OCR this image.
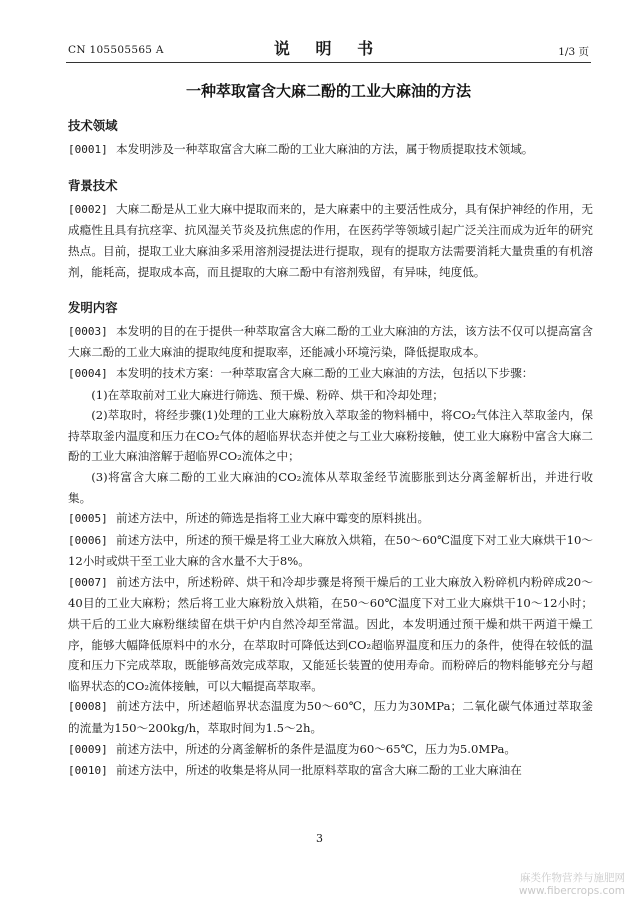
CN 105505565 A	说 明 书	1/3 页
一种萃取富含大麻二酚的工业大麻油的方法
技术领域
[0001] 本发明涉及一种萃取富含大麻二酚的工业大麻油的方法，属于物质提取技术领域。
背景技术
[0002] 大麻二酚是从工业大麻中提取而来的，是大麻素中的主要活性成分，具有保护神经的作用，无成瘾性且具有抗痉挛、抗风湿关节炎及抗焦虑的作用，在医药学等领域引起广泛关注而成为近年的研究热点。目前，提取工业大麻油多采用溶剂浸提法进行提取，现有的提取方法需要消耗大量贵重的有机溶剂，能耗高，提取成本高，而且提取的大麻二酚中有溶剂残留，有异味，纯度低。
发明内容
[0003] 本发明的目的在于提供一种萃取富含大麻二酚的工业大麻油的方法，该方法不仅可以提高富含大麻二酚的工业大麻油的提取纯度和提取率，还能减小环境污染，降低提取成本。
[0004] 本发明的技术方案：一种萃取富含大麻二酚的工业大麻油的方法，包括以下步骤：
(1)在萃取前对工业大麻进行筛选、预干燥、粉碎、烘干和冷却处理；
(2)萃取时，将经步骤(1)处理的工业大麻粉放入萃取釜的物料桶中，将CO₂气体注入萃取釜内，保持萃取釜内温度和压力在CO₂气体的超临界状态并使之与工业大麻粉接触，使工业大麻粉中富含大麻二酚的工业大麻油溶解于超临界CO₂流体之中；
(3)将富含大麻二酚的工业大麻油的CO₂流体从萃取釜经节流膨胀到达分离釜解析出，并进行收集。
[0005] 前述方法中，所述的筛选是指将工业大麻中霉变的原料挑出。
[0006] 前述方法中，所述的预干燥是将工业大麻放入烘箱，在50～60℃温度下对工业大麻烘干10～12小时或烘干至工业大麻的含水量不大于8%。
[0007] 前述方法中，所述粉碎、烘干和冷却步骤是将预干燥后的工业大麻放入粉碎机内粉碎成20～40目的工业大麻粉；然后将工业大麻粉放入烘箱，在50～60℃温度下对工业大麻烘干10～12小时；烘干后的工业大麻粉继续留在烘干炉内自然冷却至常温。因此，本发明通过预干燥和烘干两道干燥工序，能够大幅降低原料中的水分，在萃取时可降低达到CO₂超临界温度和压力的条件，使得在较低的温度和压力下完成萃取，既能够高效完成萃取，又能延长装置的使用寿命。而粉碎后的物料能够充分与超临界状态的CO₂流体接触，可以大幅提高萃取率。
[0008] 前述方法中，所述超临界状态温度为50～60℃，压力为30MPa；二氧化碳气体通过萃取釜的流量为150～200kg/h，萃取时间为1.5～2h。
[0009] 前述方法中，所述的分离釜解析的条件是温度为60～65℃，压力为5.0MPa。
[0010] 前述方法中，所述的收集是将从同一批原料萃取的富含大麻二酚的工业大麻油在
3
麻类作物营养与施肥网
www.fibercrops.com
